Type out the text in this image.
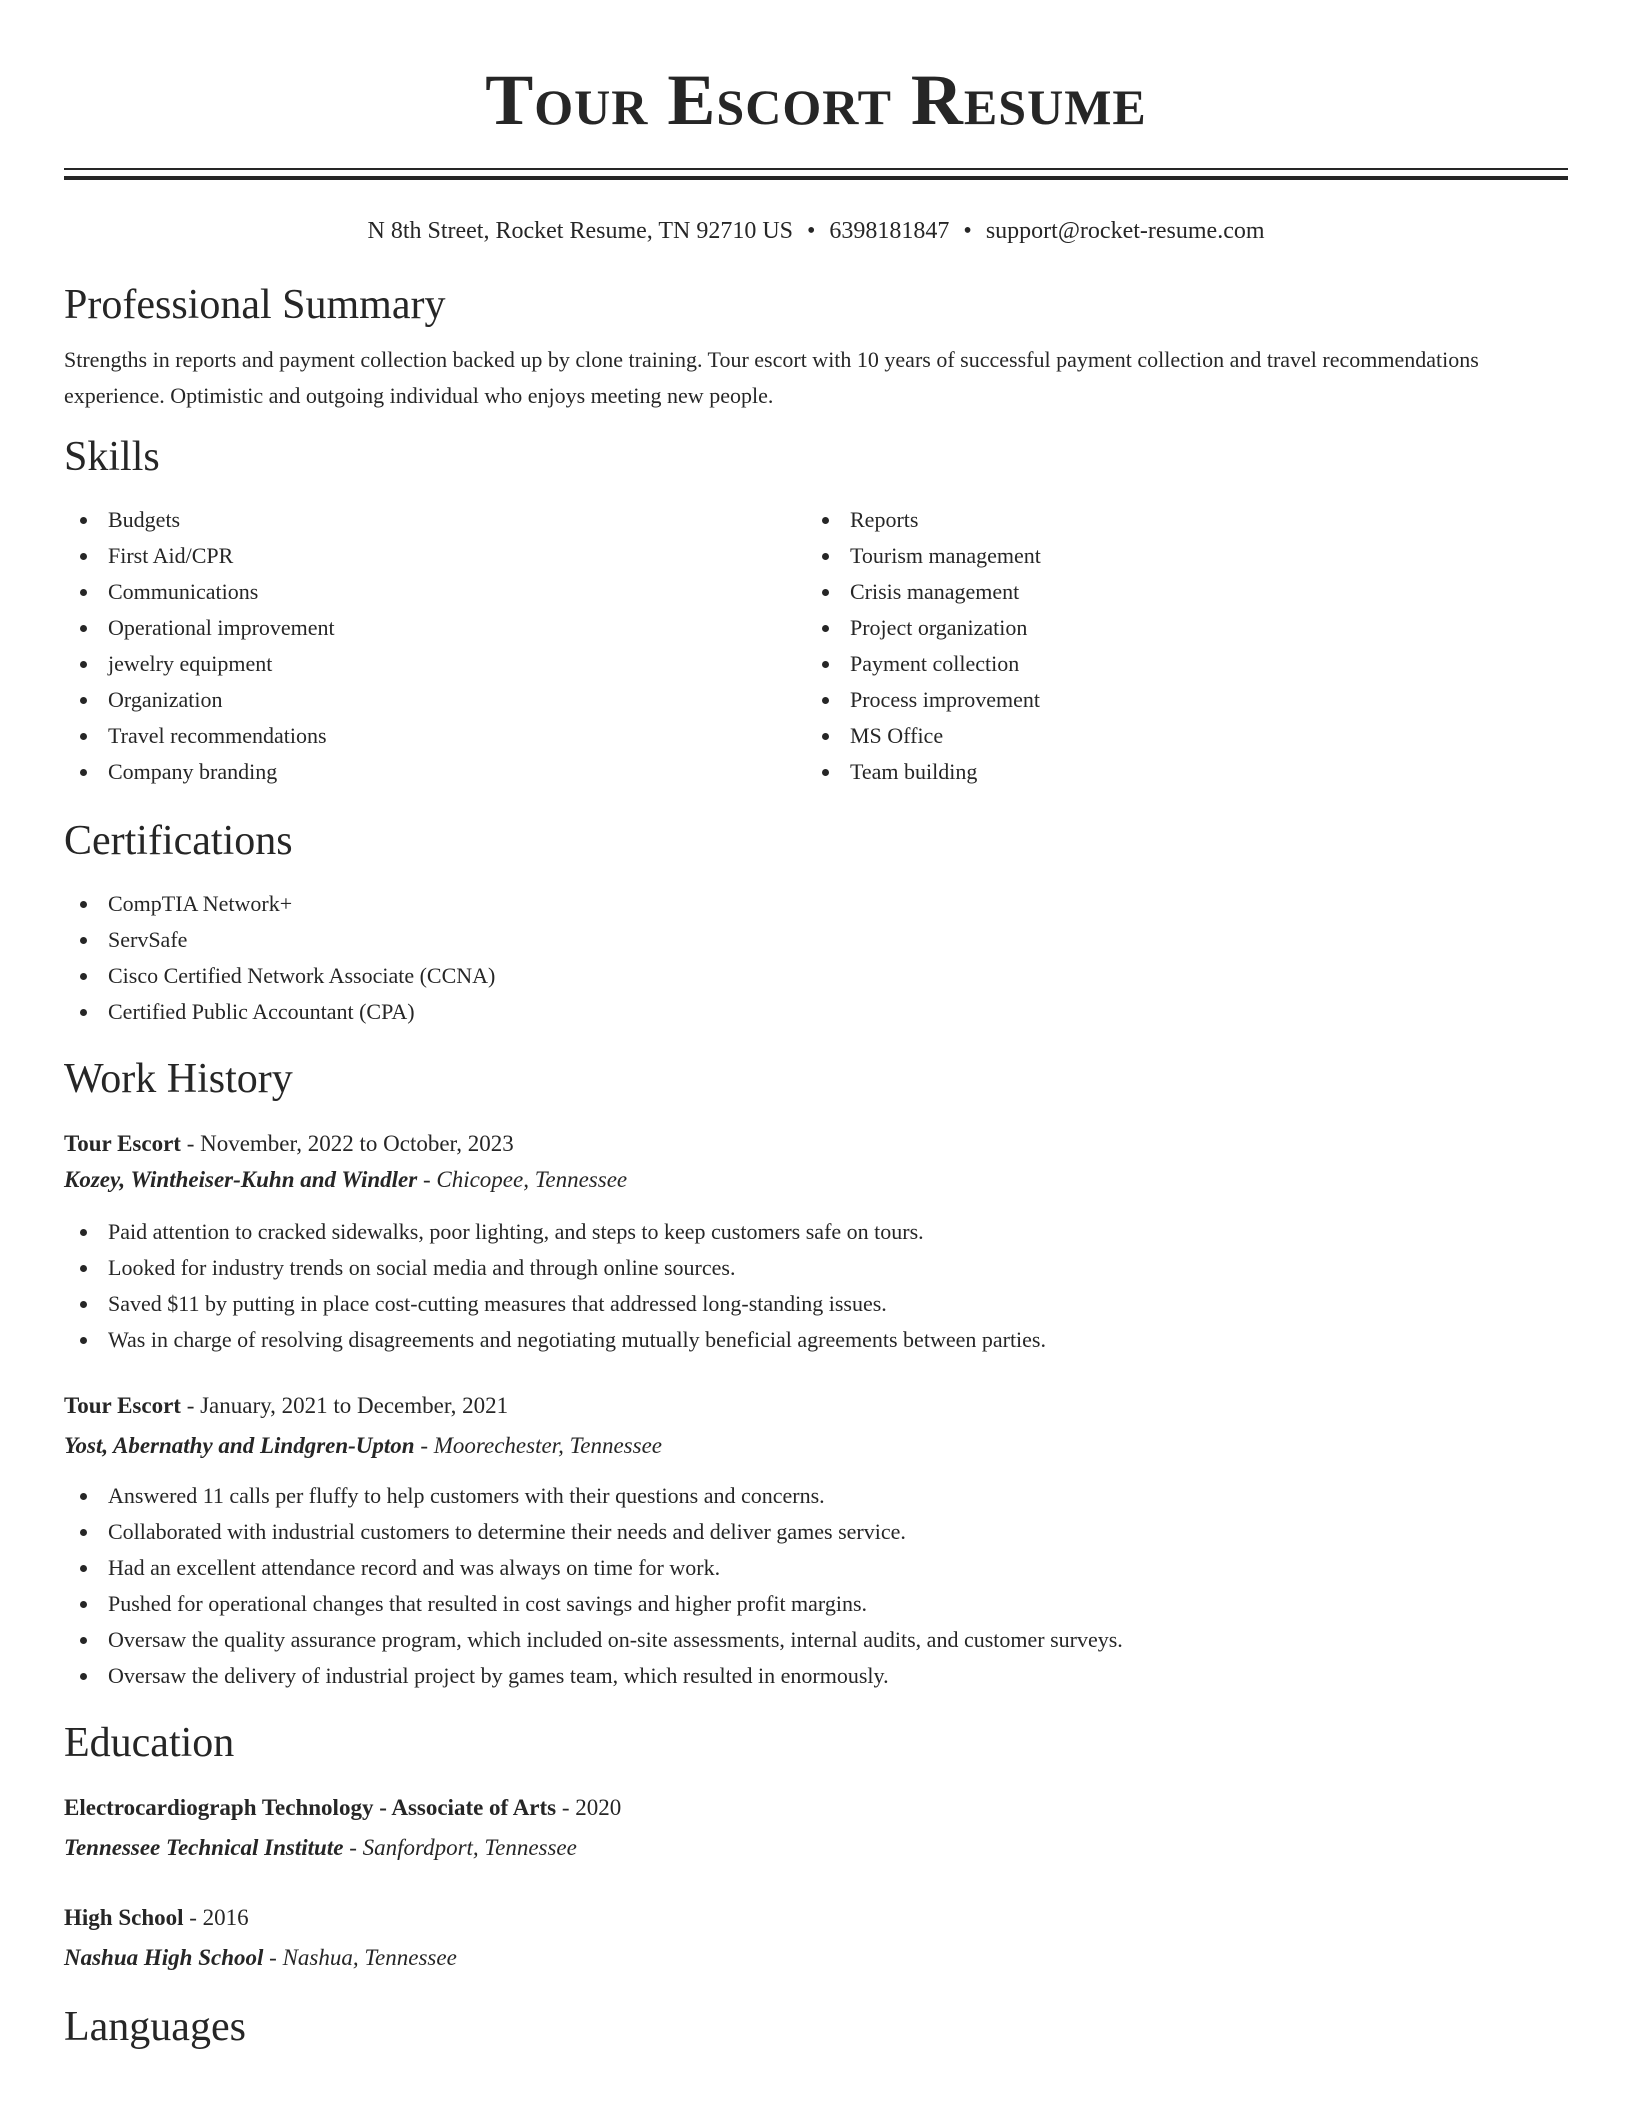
Tour Escort Resume
N 8th Street, Rocket Resume, TN 92710 US • 6398181847 • support@rocket-resume.com
Professional Summary

Strengths in reports and payment collection backed up by clone training. Tour escort with 10 years of successful payment collection and travel recommendations experience. Optimistic and outgoing individual who enjoys meeting new people.

Skills
Budgets
First Aid/CPR
Communications
Operational improvement
jewelry equipment
Organization
Travel recommendations
Company branding
Reports
Tourism management
Crisis management
Project organization
Payment collection
Process improvement
MS Office
Team building
Certifications
CompTIA Network+
ServSafe
Cisco Certified Network Associate (CCNA)
Certified Public Accountant (CPA)
Work History
Tour Escort - November, 2022 to October, 2023
Kozey, Wintheiser-Kuhn and Windler - Chicopee, Tennessee
Paid attention to cracked sidewalks, poor lighting, and steps to keep customers safe on tours.
Looked for industry trends on social media and through online sources.
Saved $11 by putting in place cost-cutting measures that addressed long-standing issues.
Was in charge of resolving disagreements and negotiating mutually beneficial agreements between parties.
Tour Escort - January, 2021 to December, 2021
Yost, Abernathy and Lindgren-Upton - Moorechester, Tennessee
Answered 11 calls per fluffy to help customers with their questions and concerns.
Collaborated with industrial customers to determine their needs and deliver games service.
Had an excellent attendance record and was always on time for work.
Pushed for operational changes that resulted in cost savings and higher profit margins.
Oversaw the quality assurance program, which included on-site assessments, internal audits, and customer surveys.
Oversaw the delivery of industrial project by games team, which resulted in enormously.
Education
Electrocardiograph Technology - Associate of Arts - 2020
Tennessee Technical Institute - Sanfordport, Tennessee
High School - 2016
Nashua High School - Nashua, Tennessee
Languages
